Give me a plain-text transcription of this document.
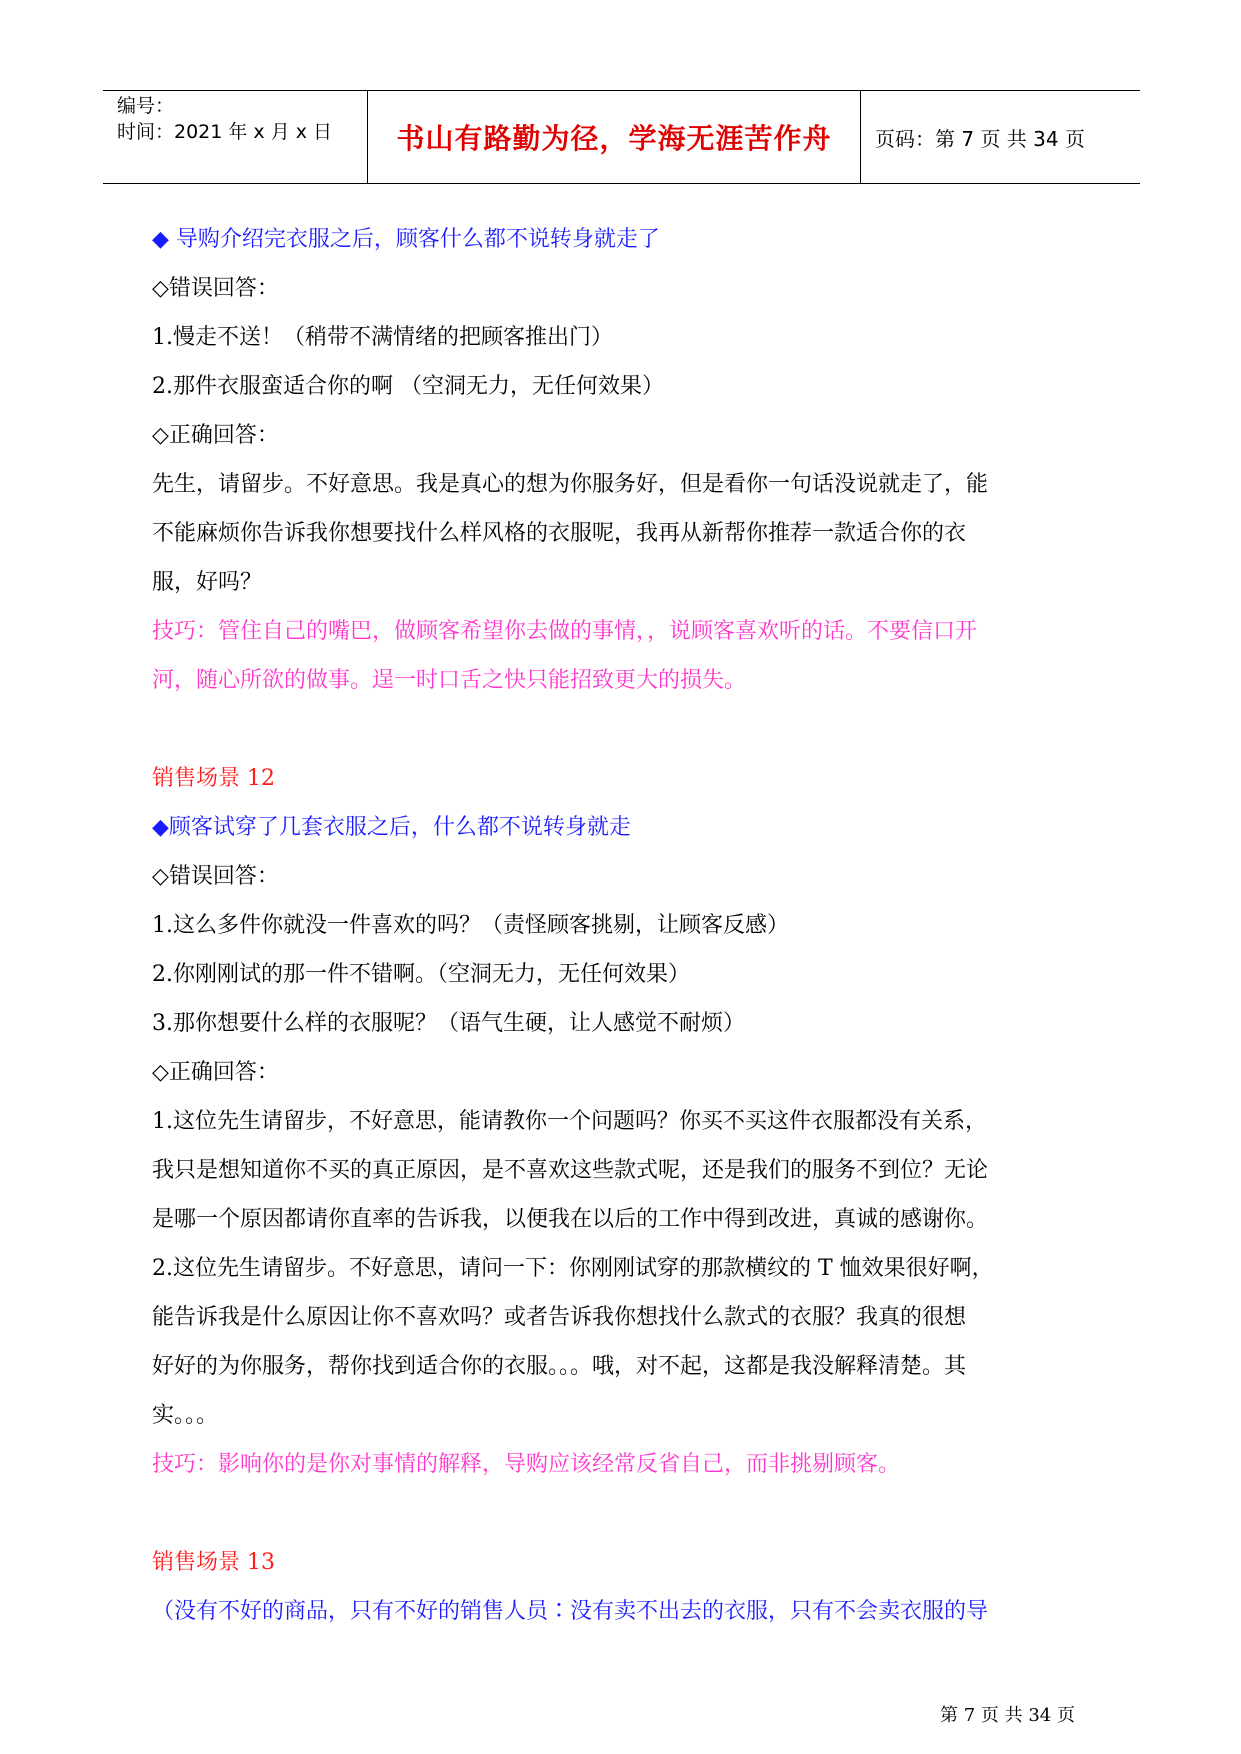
编号：
时间：2021 年 x 月 x 日 书山有路勤为径，学海无涯苦作舟 页码：第 7 页 共 34 页
◆ 导购介绍完衣服之后，顾客什么都不说转身就走了
◇错误回答：
1.慢走不送！（稍带不满情绪的把顾客推出门）
2.那件衣服蛮适合你的啊 （空洞无力，无任何效果）
◇正确回答：
先生，请留步。不好意思。我是真心的想为你服务好，但是看你一句话没说就走了，能
不能麻烦你告诉我你想要找什么样风格的衣服呢，我再从新帮你推荐一款适合你的衣
服，好吗？
技巧：管住自己的嘴巴，做顾客希望你去做的事情，，说顾客喜欢听的话。不要信口开
河，随心所欲的做事。逞一时口舌之快只能招致更大的损失。
销售场景 12
◆顾客试穿了几套衣服之后，什么都不说转身就走
◇错误回答：
1.这么多件你就没一件喜欢的吗？（责怪顾客挑剔，让顾客反感）
2.你刚刚试的那一件不错啊。（空洞无力，无任何效果）
3.那你想要什么样的衣服呢？（语气生硬，让人感觉不耐烦）
◇正确回答：
1.这位先生请留步，不好意思，能请教你一个问题吗？你买不买这件衣服都没有关系，
我只是想知道你不买的真正原因，是不喜欢这些款式呢，还是我们的服务不到位？无论
是哪一个原因都请你直率的告诉我，以便我在以后的工作中得到改进，真诚的感谢你。
2.这位先生请留步。不好意思，请问一下：你刚刚试穿的那款横纹的 T 恤效果很好啊，
能告诉我是什么原因让你不喜欢吗？或者告诉我你想找什么款式的衣服？我真的很想
好好的为你服务，帮你找到适合你的衣服。。。哦，对不起，这都是我没解释清楚。其
实。。。
技巧：影响你的是你对事情的解释，导购应该经常反省自己，而非挑剔顾客。
销售场景 13
（没有不好的商品，只有不好的销售人员∶没有卖不出去的衣服，只有不会卖衣服的导
第 7 页 共 34 页
